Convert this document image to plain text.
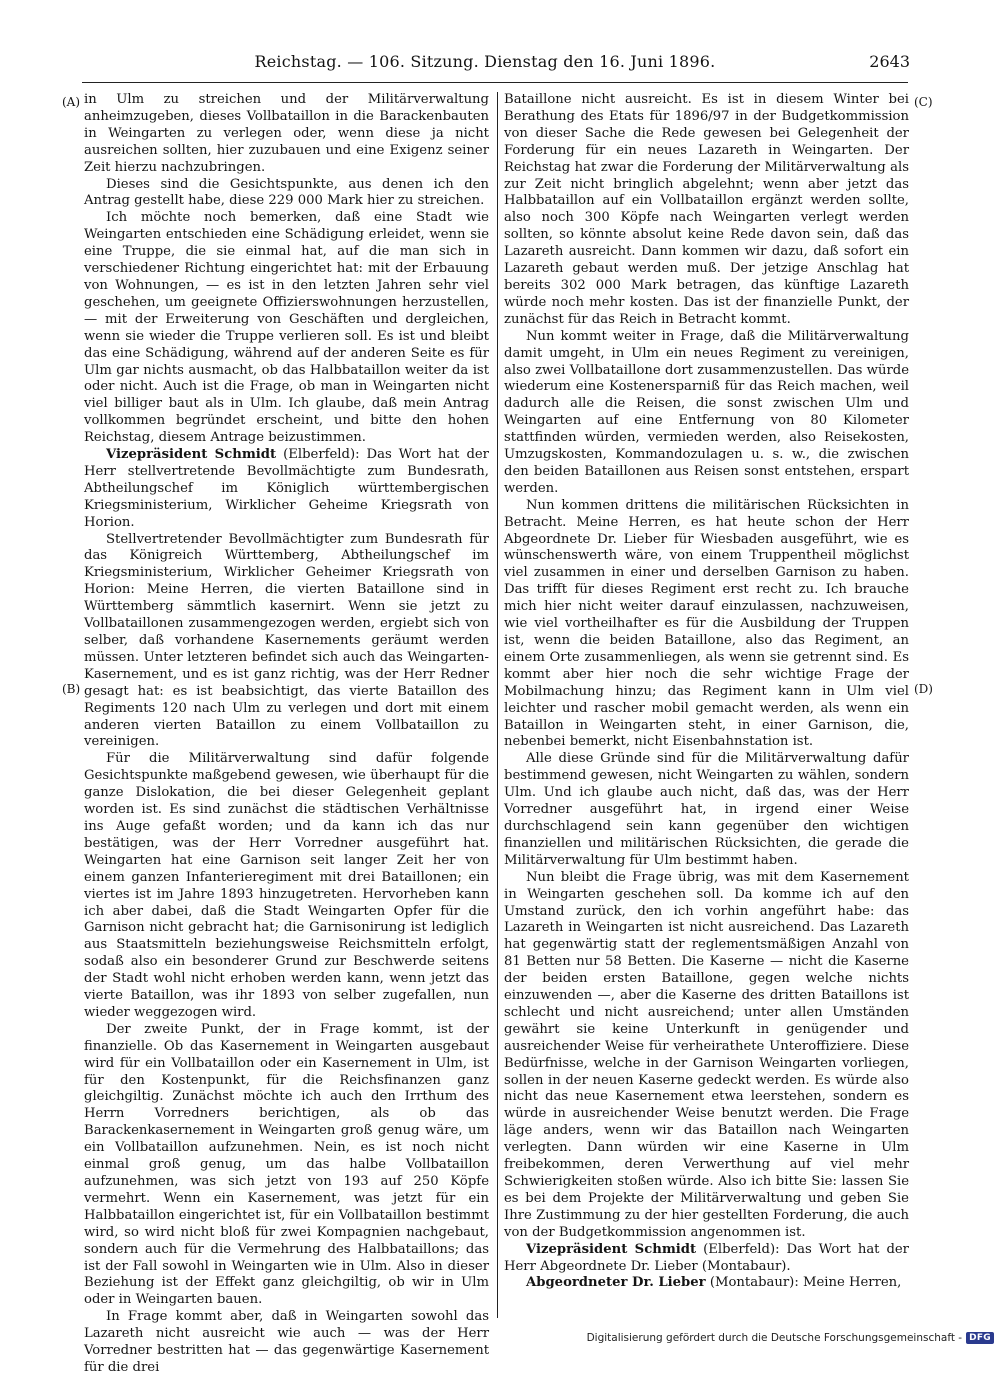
Reichstag. — 106. Sitzung. Dienstag den 16. Juni 1896.	2643
(A)
(B)
(C)
(D)

in Ulm zu streichen und der Militärverwaltung anheimzugeben, dieses Vollbataillon in die Barackenbauten in Weingarten zu verlegen oder, wenn diese ja nicht ausreichen sollten, hier zuzubauen und eine Exigenz seiner Zeit hierzu nachzubringen.

Dieses sind die Gesichtspunkte, aus denen ich den Antrag gestellt habe, diese 229 000 Mark hier zu streichen.

Ich möchte noch bemerken, daß eine Stadt wie Weingarten entschieden eine Schädigung erleidet, wenn sie eine Truppe, die sie einmal hat, auf die man sich in verschiedener Richtung eingerichtet hat: mit der Erbauung von Wohnungen, — es ist in den letzten Jahren sehr viel geschehen, um geeignete Offizierswohnungen herzustellen, — mit der Erweiterung von Geschäften und dergleichen, wenn sie wieder die Truppe verlieren soll. Es ist und bleibt das eine Schädigung, während auf der anderen Seite es für Ulm gar nichts ausmacht, ob das Halbbataillon weiter da ist oder nicht. Auch ist die Frage, ob man in Weingarten nicht viel billiger baut als in Ulm. Ich glaube, daß mein Antrag vollkommen begründet erscheint, und bitte den hohen Reichstag, diesem Antrage beizustimmen.

Vizepräsident Schmidt (Elberfeld): Das Wort hat der Herr stellvertretende Bevollmächtigte zum Bundesrath, Abtheilungschef im Königlich württembergischen Kriegsministerium, Wirklicher Geheime Kriegsrath von Horion.

Stellvertretender Bevollmächtigter zum Bundesrath für das Königreich Württemberg, Abtheilungschef im Kriegsministerium, Wirklicher Geheimer Kriegsrath von Horion: Meine Herren, die vierten Bataillone sind in Württemberg sämmtlich kasernirt. Wenn sie jetzt zu Vollbataillonen zusammengezogen werden, ergiebt sich von selber, daß vorhandene Kasernements geräumt werden müssen. Unter letzteren befindet sich auch das Weingarten-Kasernement, und es ist ganz richtig, was der Herr Redner gesagt hat: es ist beabsichtigt, das vierte Bataillon des Regiments 120 nach Ulm zu verlegen und dort mit einem anderen vierten Bataillon zu einem Vollbataillon zu vereinigen.

Für die Militärverwaltung sind dafür folgende Gesichtspunkte maßgebend gewesen, wie überhaupt für die ganze Dislokation, die bei dieser Gelegenheit geplant worden ist. Es sind zunächst die städtischen Verhältnisse ins Auge gefaßt worden; und da kann ich das nur bestätigen, was der Herr Vorredner ausgeführt hat. Weingarten hat eine Garnison seit langer Zeit her von einem ganzen Infanterieregiment mit drei Bataillonen; ein viertes ist im Jahre 1893 hinzugetreten. Hervorheben kann ich aber dabei, daß die Stadt Weingarten Opfer für die Garnison nicht gebracht hat; die Garnisonirung ist lediglich aus Staatsmitteln beziehungsweise Reichsmitteln erfolgt, sodaß also ein besonderer Grund zur Beschwerde seitens der Stadt wohl nicht erhoben werden kann, wenn jetzt das vierte Bataillon, was ihr 1893 von selber zugefallen, nun wieder weggezogen wird.

Der zweite Punkt, der in Frage kommt, ist der finanzielle. Ob das Kasernement in Weingarten ausgebaut wird für ein Vollbataillon oder ein Kasernement in Ulm, ist für den Kostenpunkt, für die Reichsfinanzen ganz gleichgiltig. Zunächst möchte ich auch den Irrthum des Herrn Vorredners berichtigen, als ob das Barackenkasernement in Weingarten groß genug wäre, um ein Vollbataillon aufzunehmen. Nein, es ist noch nicht einmal groß genug, um das halbe Vollbataillon aufzunehmen, was sich jetzt von 193 auf 250 Köpfe vermehrt. Wenn ein Kasernement, was jetzt für ein Halbbataillon eingerichtet ist, für ein Vollbataillon bestimmt wird, so wird nicht bloß für zwei Kompagnien nachgebaut, sondern auch für die Vermehrung des Halbbataillons; das ist der Fall sowohl in Weingarten wie in Ulm. Also in dieser Beziehung ist der Effekt ganz gleichgiltig, ob wir in Ulm oder in Weingarten bauen.

In Frage kommt aber, daß in Weingarten sowohl das Lazareth nicht ausreicht wie auch — was der Herr Vorredner bestritten hat — das gegenwärtige Kasernement für die drei

Bataillone nicht ausreicht. Es ist in diesem Winter bei Berathung des Etats für 1896/97 in der Budgetkommission von dieser Sache die Rede gewesen bei Gelegenheit der Forderung für ein neues Lazareth in Weingarten. Der Reichstag hat zwar die Forderung der Militärverwaltung als zur Zeit nicht bringlich abgelehnt; wenn aber jetzt das Halbbataillon auf ein Vollbataillon ergänzt werden sollte, also noch 300 Köpfe nach Weingarten verlegt werden sollten, so könnte absolut keine Rede davon sein, daß das Lazareth ausreicht. Dann kommen wir dazu, daß sofort ein Lazareth gebaut werden muß. Der jetzige Anschlag hat bereits 302 000 Mark betragen, das künftige Lazareth würde noch mehr kosten. Das ist der finanzielle Punkt, der zunächst für das Reich in Betracht kommt.

Nun kommt weiter in Frage, daß die Militärverwaltung damit umgeht, in Ulm ein neues Regiment zu vereinigen, also zwei Vollbataillone dort zusammenzustellen. Das würde wiederum eine Kostenersparniß für das Reich machen, weil dadurch alle die Reisen, die sonst zwischen Ulm und Weingarten auf eine Entfernung von 80 Kilometer stattfinden würden, vermieden werden, also Reisekosten, Umzugskosten, Kommandozulagen u. s. w., die zwischen den beiden Bataillonen aus Reisen sonst entstehen, erspart werden.

Nun kommen drittens die militärischen Rücksichten in Betracht. Meine Herren, es hat heute schon der Herr Abgeordnete Dr. Lieber für Wiesbaden ausgeführt, wie es wünschenswerth wäre, von einem Truppentheil möglichst viel zusammen in einer und derselben Garnison zu haben. Das trifft für dieses Regiment erst recht zu. Ich brauche mich hier nicht weiter darauf einzulassen, nachzuweisen, wie viel vortheilhafter es für die Ausbildung der Truppen ist, wenn die beiden Bataillone, also das Regiment, an einem Orte zusammenliegen, als wenn sie getrennt sind. Es kommt aber hier noch die sehr wichtige Frage der Mobilmachung hinzu; das Regiment kann in Ulm viel leichter und rascher mobil gemacht werden, als wenn ein Bataillon in Weingarten steht, in einer Garnison, die, nebenbei bemerkt, nicht Eisenbahnstation ist.

Alle diese Gründe sind für die Militärverwaltung dafür bestimmend gewesen, nicht Weingarten zu wählen, sondern Ulm. Und ich glaube auch nicht, daß das, was der Herr Vorredner ausgeführt hat, in irgend einer Weise durchschlagend sein kann gegenüber den wichtigen finanziellen und militärischen Rücksichten, die gerade die Militärverwaltung für Ulm bestimmt haben.

Nun bleibt die Frage übrig, was mit dem Kasernement in Weingarten geschehen soll. Da komme ich auf den Umstand zurück, den ich vorhin angeführt habe: das Lazareth in Weingarten ist nicht ausreichend. Das Lazareth hat gegenwärtig statt der reglementsmäßigen Anzahl von 81 Betten nur 58 Betten. Die Kaserne — nicht die Kaserne der beiden ersten Bataillone, gegen welche nichts einzuwenden —, aber die Kaserne des dritten Bataillons ist schlecht und nicht ausreichend; unter allen Umständen gewährt sie keine Unterkunft in genügender und ausreichender Weise für verheirathete Unteroffiziere. Diese Bedürfnisse, welche in der Garnison Weingarten vorliegen, sollen in der neuen Kaserne gedeckt werden. Es würde also nicht das neue Kasernement etwa leerstehen, sondern es würde in ausreichender Weise benutzt werden. Die Frage läge anders, wenn wir das Bataillon nach Weingarten verlegten. Dann würden wir eine Kaserne in Ulm freibekommen, deren Verwerthung auf viel mehr Schwierigkeiten stoßen würde. Also ich bitte Sie: lassen Sie es bei dem Projekte der Militärverwaltung und geben Sie Ihre Zustimmung zu der hier gestellten Forderung, die auch von der Budgetkommission angenommen ist.

Vizepräsident Schmidt (Elberfeld): Das Wort hat der Herr Abgeordnete Dr. Lieber (Montabaur).

Abgeordneter Dr. Lieber (Montabaur): Meine Herren,

Digitalisierung gefördert durch die Deutsche Forschungsgemeinschaft - DFG
